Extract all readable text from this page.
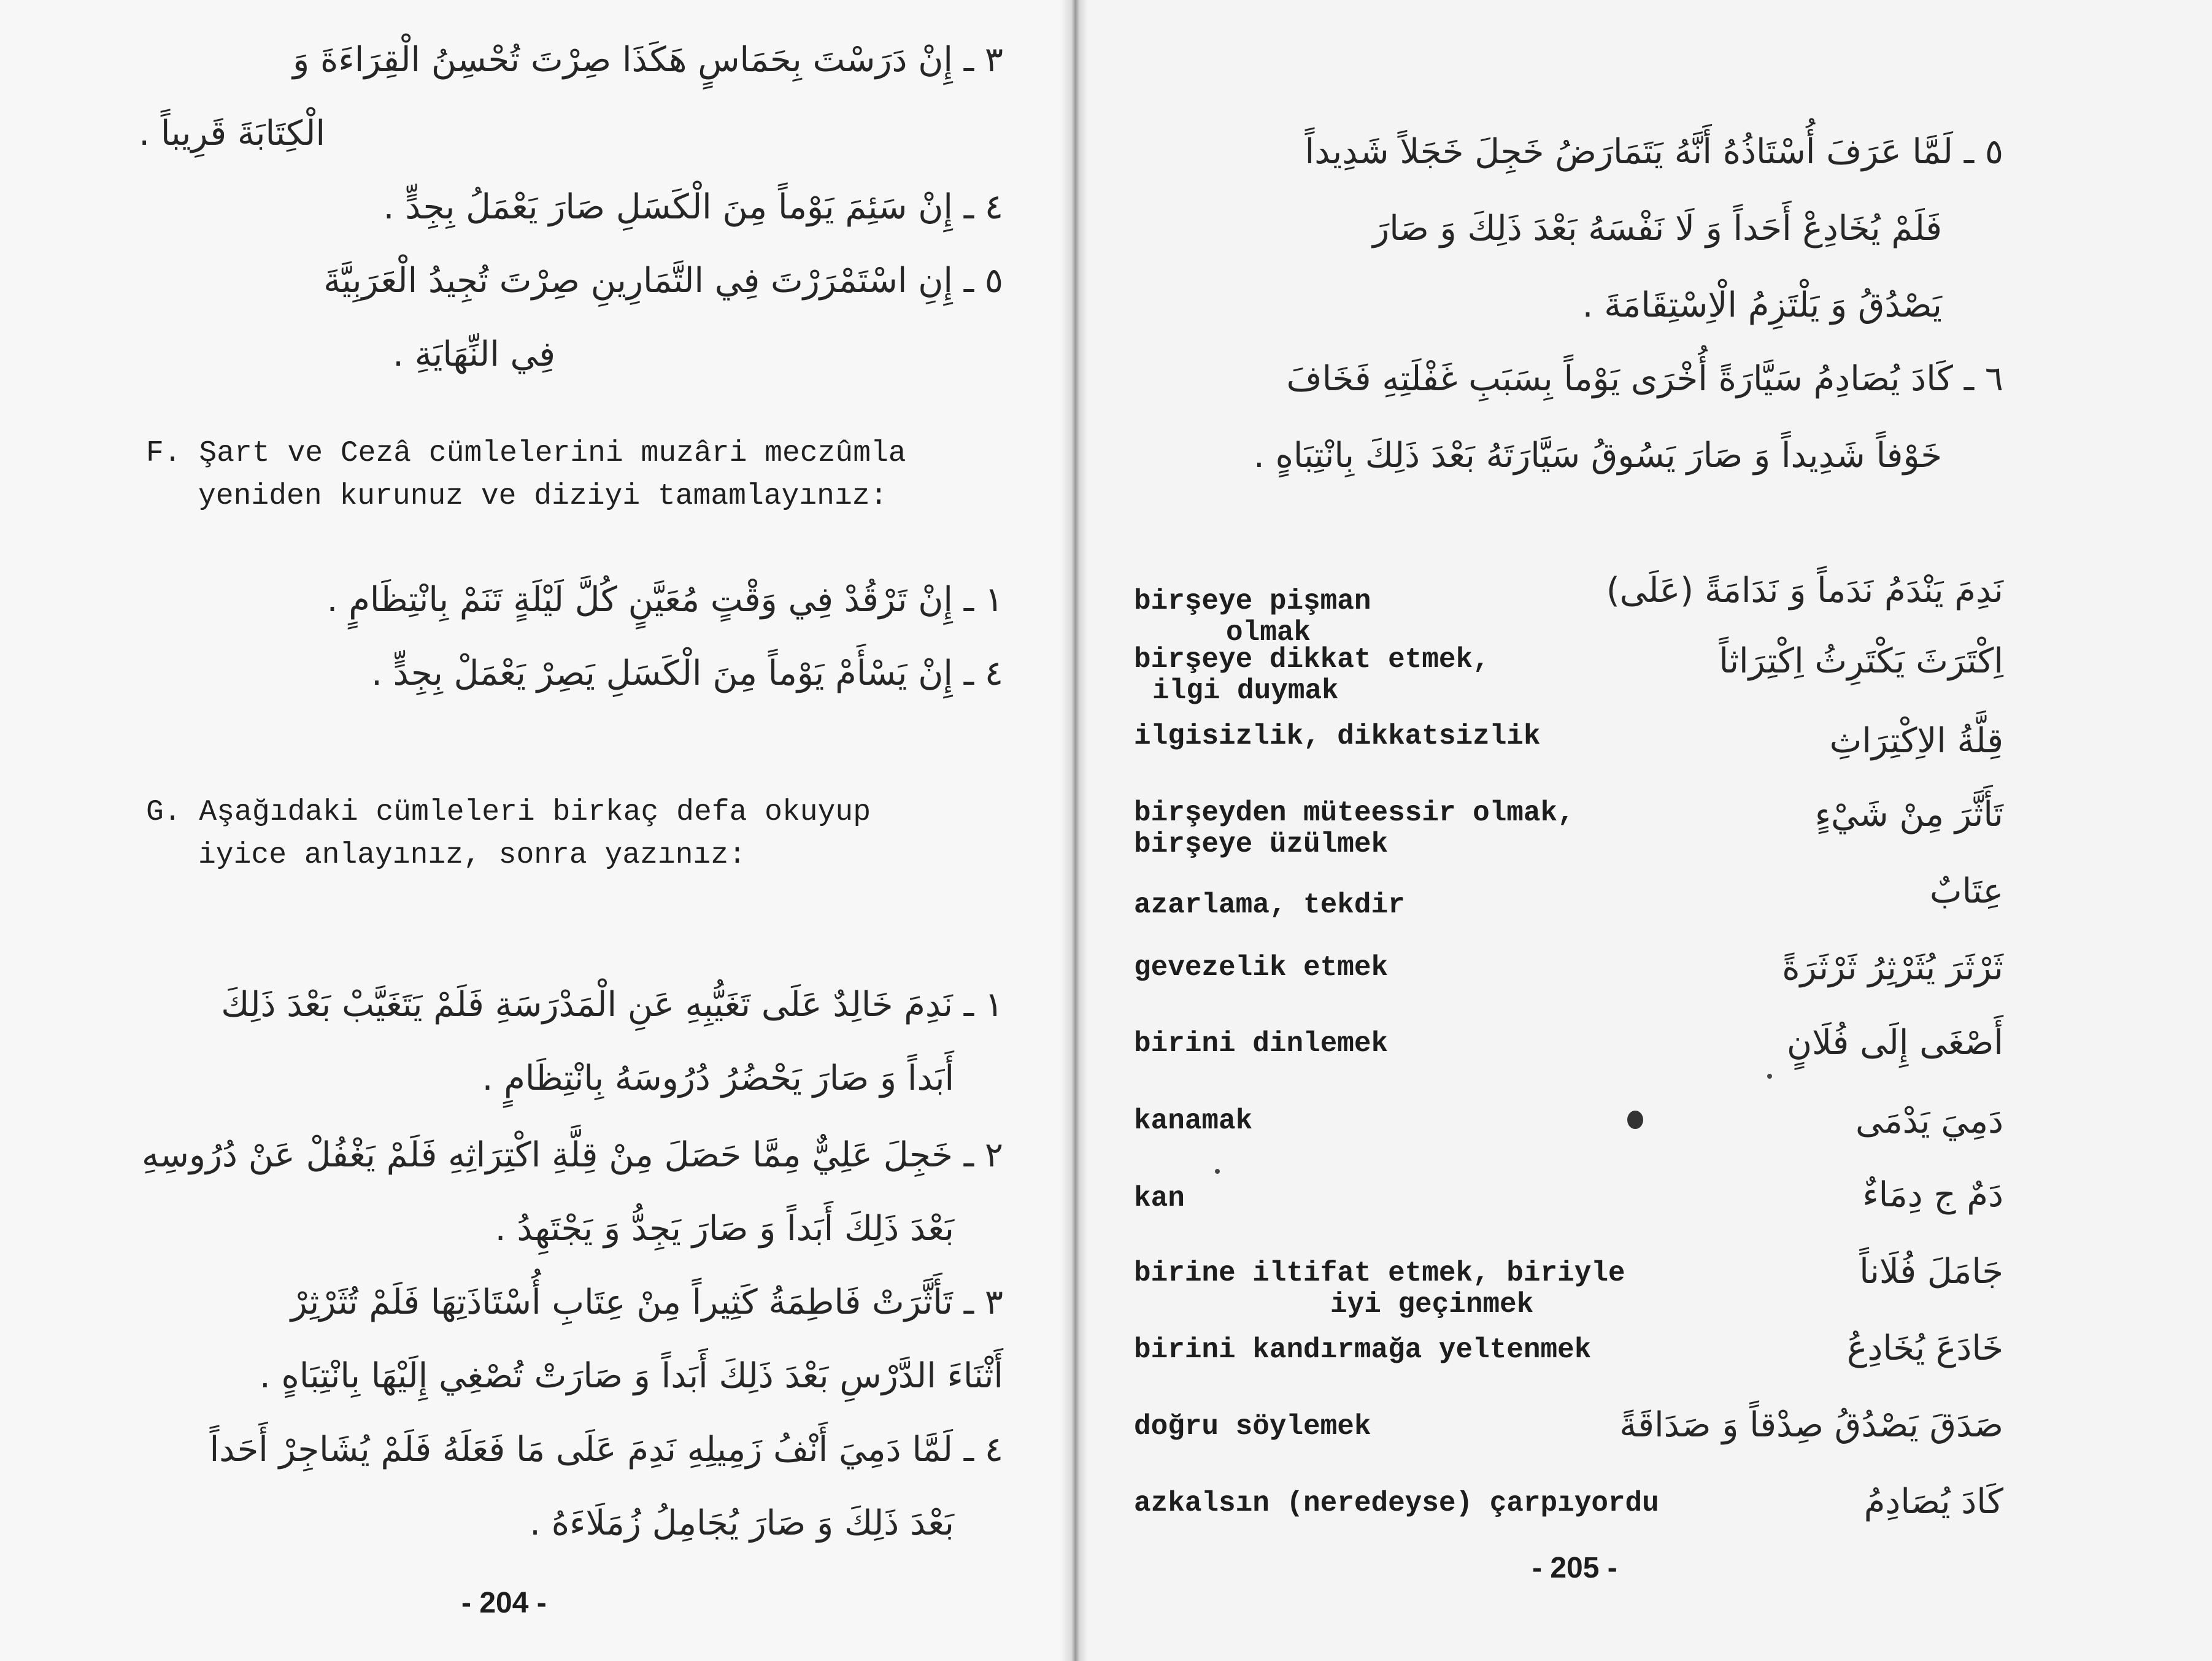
٣ ـ إِنْ دَرَسْتَ بِحَمَاسٍ هَكَذَا صِرْتَ تُحْسِنُ الْقِرَاءَةَ وَ
الْكِتَابَةَ قَرِيباً .
٤ ـ إِنْ سَئِمَ يَوْماً مِنَ الْكَسَلِ صَارَ يَعْمَلُ بِجِدٍّ .
٥ ـ إِنِ اسْتَمْرَرْتَ فِي التَّمَارِينِ صِرْتَ تُجِيدُ الْعَرَبِيَّةَ
فِي النِّهَايَةِ .
F. Şart ve Cezâ cümlelerini muzâri meczûmla
yeniden kurunuz ve diziyi tamamlayınız:
١ ـ إِنْ تَرْقُدْ فِي وَقْتٍ مُعَيَّنٍ كُلَّ لَيْلَةٍ تَنَمْ بِانْتِظَامٍ .
٤ ـ إِنْ يَسْأَمْ يَوْماً مِنَ الْكَسَلِ يَصِرْ يَعْمَلْ بِجِدٍّ .
G. Aşağıdaki cümleleri birkaç defa okuyup
iyice anlayınız, sonra yazınız:
١ ـ نَدِمَ خَالِدٌ عَلَى تَغَيُّبِهِ عَنِ الْمَدْرَسَةِ فَلَمْ يَتَغَيَّبْ بَعْدَ ذَلِكَ
أَبَداً وَ صَارَ يَحْضُرُ دُرُوسَهُ بِانْتِظَامٍ .
٢ ـ خَجِلَ عَلِيٌّ مِمَّا حَصَلَ مِنْ قِلَّةِ اكْتِرَاثِهِ فَلَمْ يَغْفُلْ عَنْ دُرُوسِهِ
بَعْدَ ذَلِكَ أَبَداً وَ صَارَ يَجِدُّ وَ يَجْتَهِدُ .
٣ ـ تَأَثَّرَتْ فَاطِمَةُ كَثِيراً مِنْ عِتَابِ أُسْتَاذَتِهَا فَلَمْ تُثَرْثِرْ
أَثْنَاءَ الدَّرْسِ بَعْدَ ذَلِكَ أَبَداً وَ صَارَتْ تُصْغِي إِلَيْهَا بِانْتِبَاهٍ .
٤ ـ لَمَّا دَمِيَ أَنْفُ زَمِيلِهِ نَدِمَ عَلَى مَا فَعَلَهُ فَلَمْ يُشَاجِرْ أَحَداً
بَعْدَ ذَلِكَ وَ صَارَ يُجَامِلُ زُمَلَاءَهُ .
- 204 -
٥ ـ لَمَّا عَرَفَ أُسْتَاذُهُ أَنَّهُ يَتَمَارَضُ خَجِلَ خَجَلاً شَدِيداً
فَلَمْ يُخَادِعْ أَحَداً وَ لَا نَفْسَهُ بَعْدَ ذَلِكَ وَ صَارَ
يَصْدُقُ وَ يَلْتَزِمُ الْاِسْتِقَامَةَ .
٦ ـ كَادَ يُصَادِمُ سَيَّارَةً أُخْرَى يَوْماً بِسَبَبِ غَفْلَتِهِ فَخَافَ
خَوْفاً شَدِيداً وَ صَارَ يَسُوقُ سَيَّارَتَهُ بَعْدَ ذَلِكَ بِانْتِبَاهٍ .
birşeye pişman
olmak
birşeye dikkat etmek,
ilgi duymak
ilgisizlik, dikkatsizlik
birşeyden müteessir olmak,
birşeye üzülmek
azarlama, tekdir
gevezelik etmek
birini dinlemek
kanamak
kan
birine iltifat etmek, biriyle
iyi geçinmek
birini kandırmağa yeltenmek
doğru söylemek
azkalsın (neredeyse) çarpıyordu
نَدِمَ يَنْدَمُ نَدَماً وَ نَدَامَةً (عَلَى)
اِكْتَرَثَ يَكْتَرِثُ اِكْتِرَاثاً
قِلَّةُ الاِكْتِرَاثِ
تَأَثَّرَ مِنْ شَيْءٍ
عِتَابٌ
ثَرْثَرَ يُثَرْثِرُ ثَرْثَرَةً
أَصْغَى إِلَى فُلَانٍ
دَمِيَ يَدْمَى
دَمٌ ج دِمَاءٌ
جَامَلَ فُلَاناً
خَادَعَ يُخَادِعُ
صَدَقَ يَصْدُقُ صِدْقاً وَ صَدَاقَةً
كَادَ يُصَادِمُ
- 205 -
